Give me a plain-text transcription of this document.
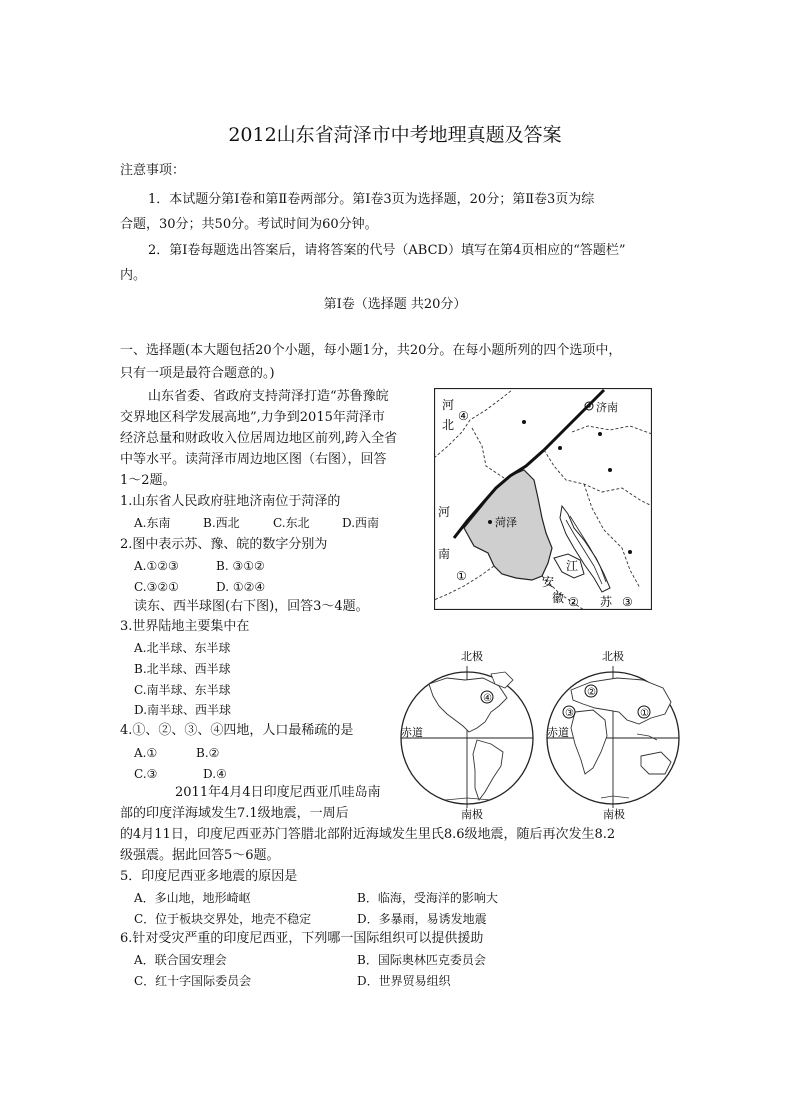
2012山东省菏泽市中考地理真题及答案
注意事项：
1．本试题分第Ⅰ卷和第Ⅱ卷两部分。第Ⅰ卷3页为选择题，20分；第Ⅱ卷3页为综
合题，30分；共50分。考试时间为60分钟。
2．第Ⅰ卷每题选出答案后，请将答案的代号（ABCD）填写在第4页相应的“答题栏”
内。
第Ⅰ卷（选择题 共20分）
一、选择题(本大题包括20个小题，每小题1分，共20分。在每小题所列的四个选项中，
只有一项是最符合题意的。)
山东省委、省政府支持菏泽打造“苏鲁豫皖
交界地区科学发展高地”,力争到2015年菏泽市
经济总量和财政收入位居周边地区前列,跨入全省
中等水平。读菏泽市周边地区图（右图），回答
1～2题。
1.山东省人民政府驻地济南位于菏泽的
A.东南	B.西北	C.东北	D.西南
2.图中表示苏、豫、皖的数字分别为
A.①②③	B. ③①②
C.③②①	D. ①②④
读东、西半球图(右下图)，回答3～4题。
3.世界陆地主要集中在
A.北半球、东半球
B.北半球、西半球
C.南半球、东半球
D.南半球、西半球
4.①、②、③、④四地，人口最稀疏的是
A.①	B.②
C.③	D.④
2011年4月4日印度尼西亚爪哇岛南
部的印度洋海域发生7.1级地震，一周后
的4月11日，印度尼西亚苏门答腊北部附近海域发生里氏8.6级地震，随后再次发生8.2
级强震。据此回答5～6题。
5．印度尼西亚多地震的原因是
A．多山地，地形崎岖	B．临海，受海洋的影响大
C．位于板块交界处，地壳不稳定	D．多暴雨，易诱发地震
6.针对受灾严重的印度尼西亚，下列哪一国际组织可以提供援助
A．联合国安理会	B．国际奥林匹克委员会
C．红十字国际委员会	D．世界贸易组织
河
北
④
济南
菏泽
河
南
①
江
安
徽 ② 苏 ③
④
北极
南极
赤道
②
③	①
北极
南极
赤道
